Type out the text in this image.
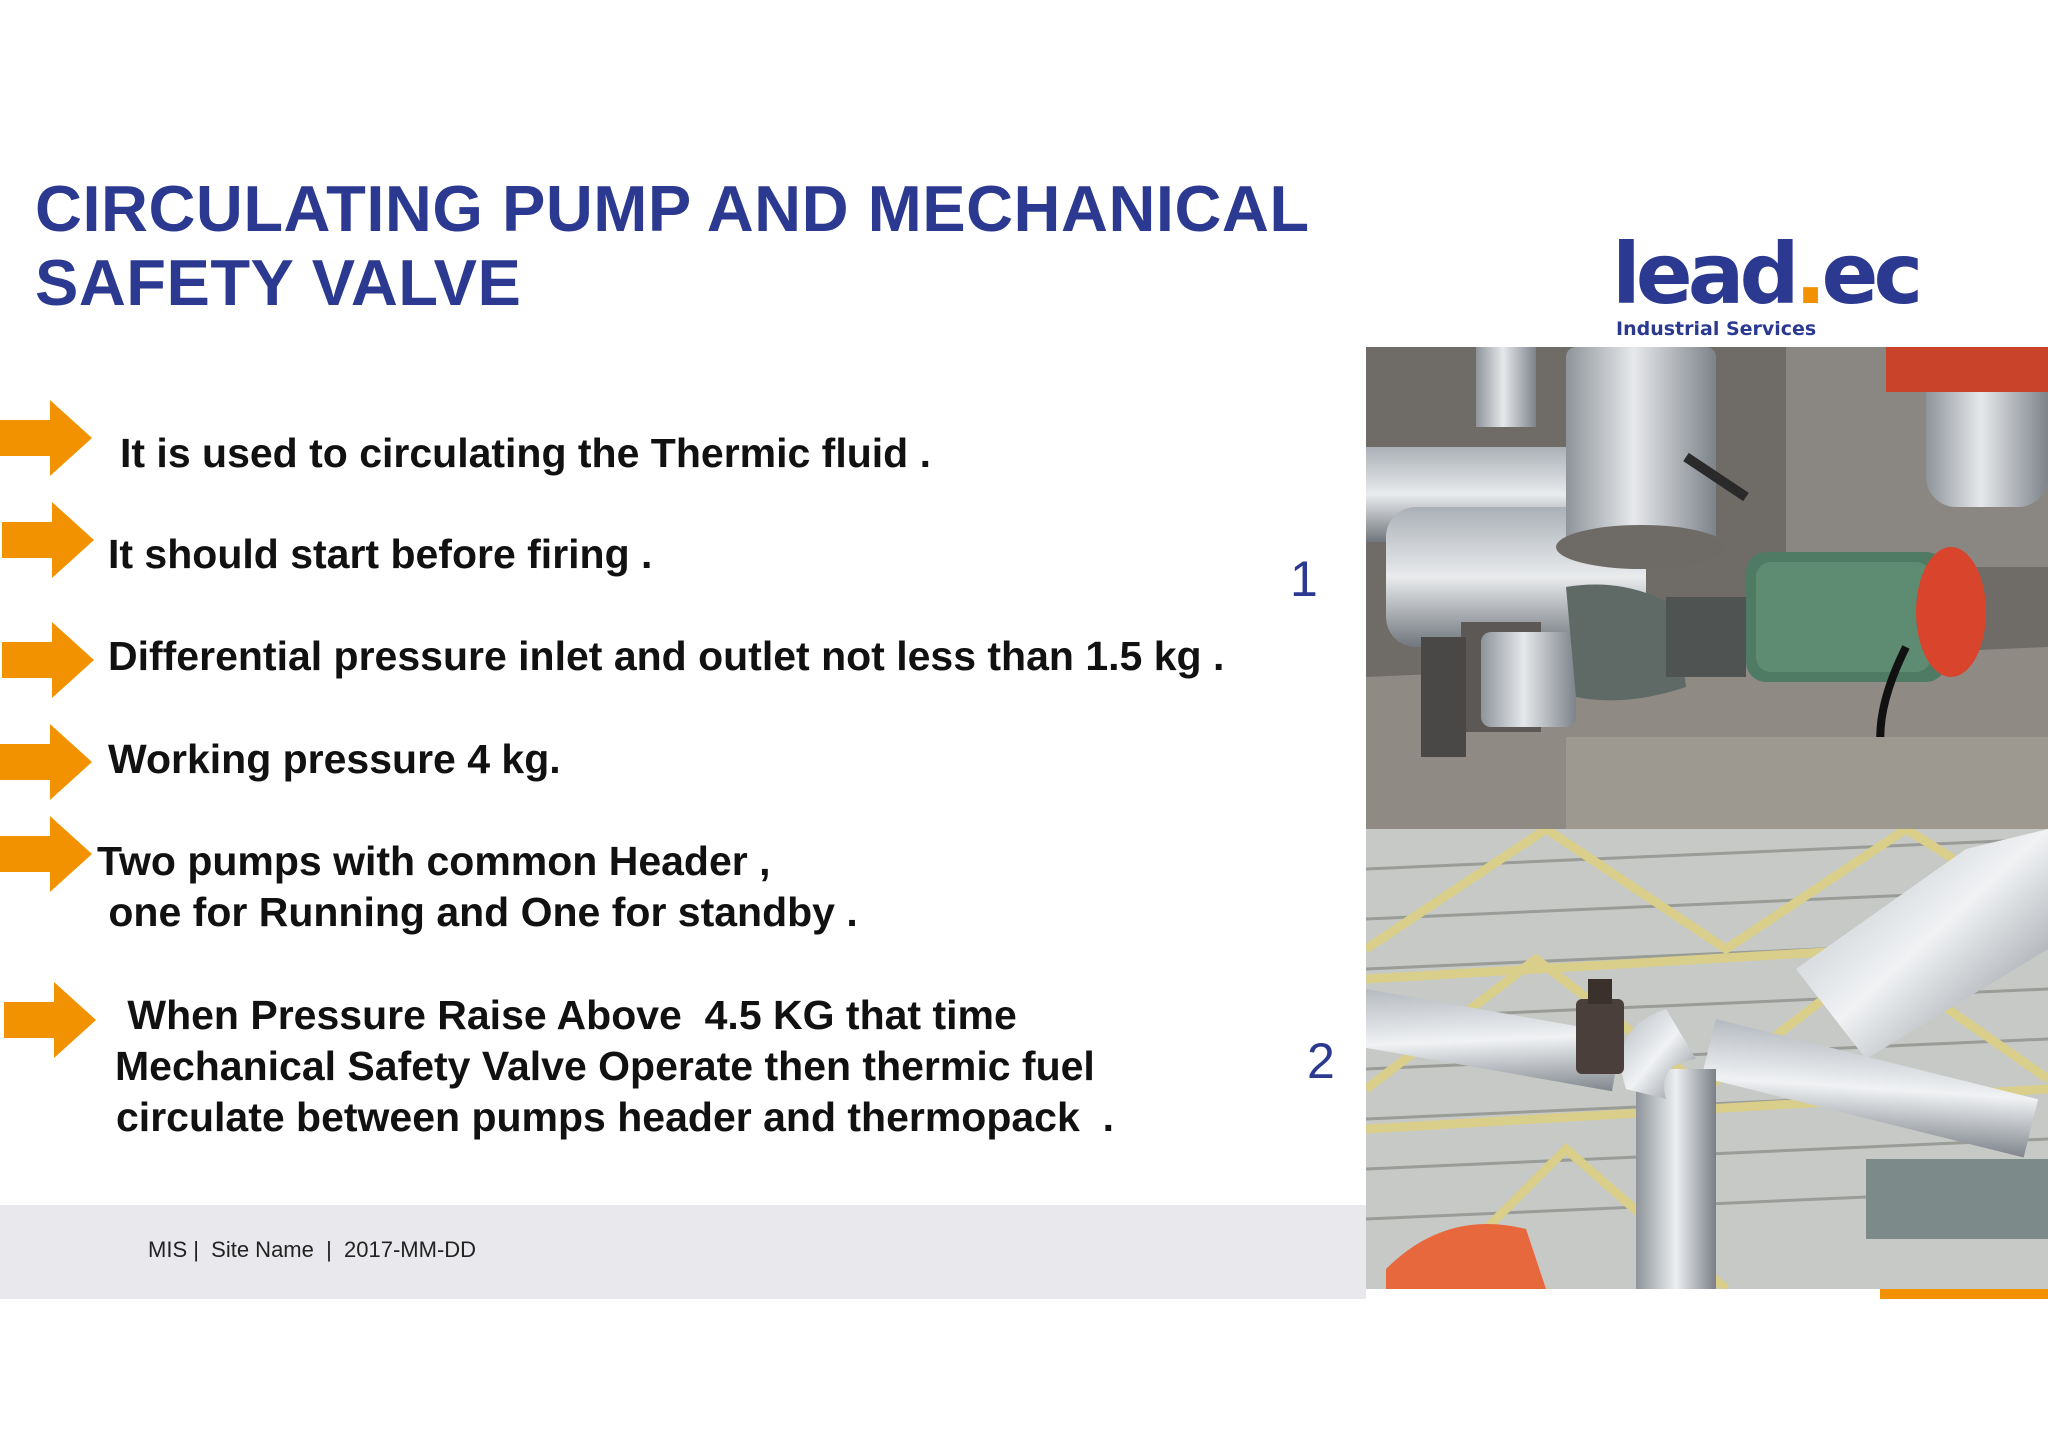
CIRCULATING PUMP AND MECHANICAL
SAFETY VALVE	lead.ec
Industrial Services

It is used to circulating the Thermic fluid .

It should start before firing .

Differential pressure inlet and outlet not less than 1.5 kg .

Working pressure 4 kg.

Two pumps with common Header ,
one for Running and One for standby .

When Pressure Raise Above  4.5 KG that time
Mechanical Safety Valve Operate then thermic fuel
circulate between pumps header and thermopack  .

1
2
MIS |  Site Name  |  2017-MM-DD
